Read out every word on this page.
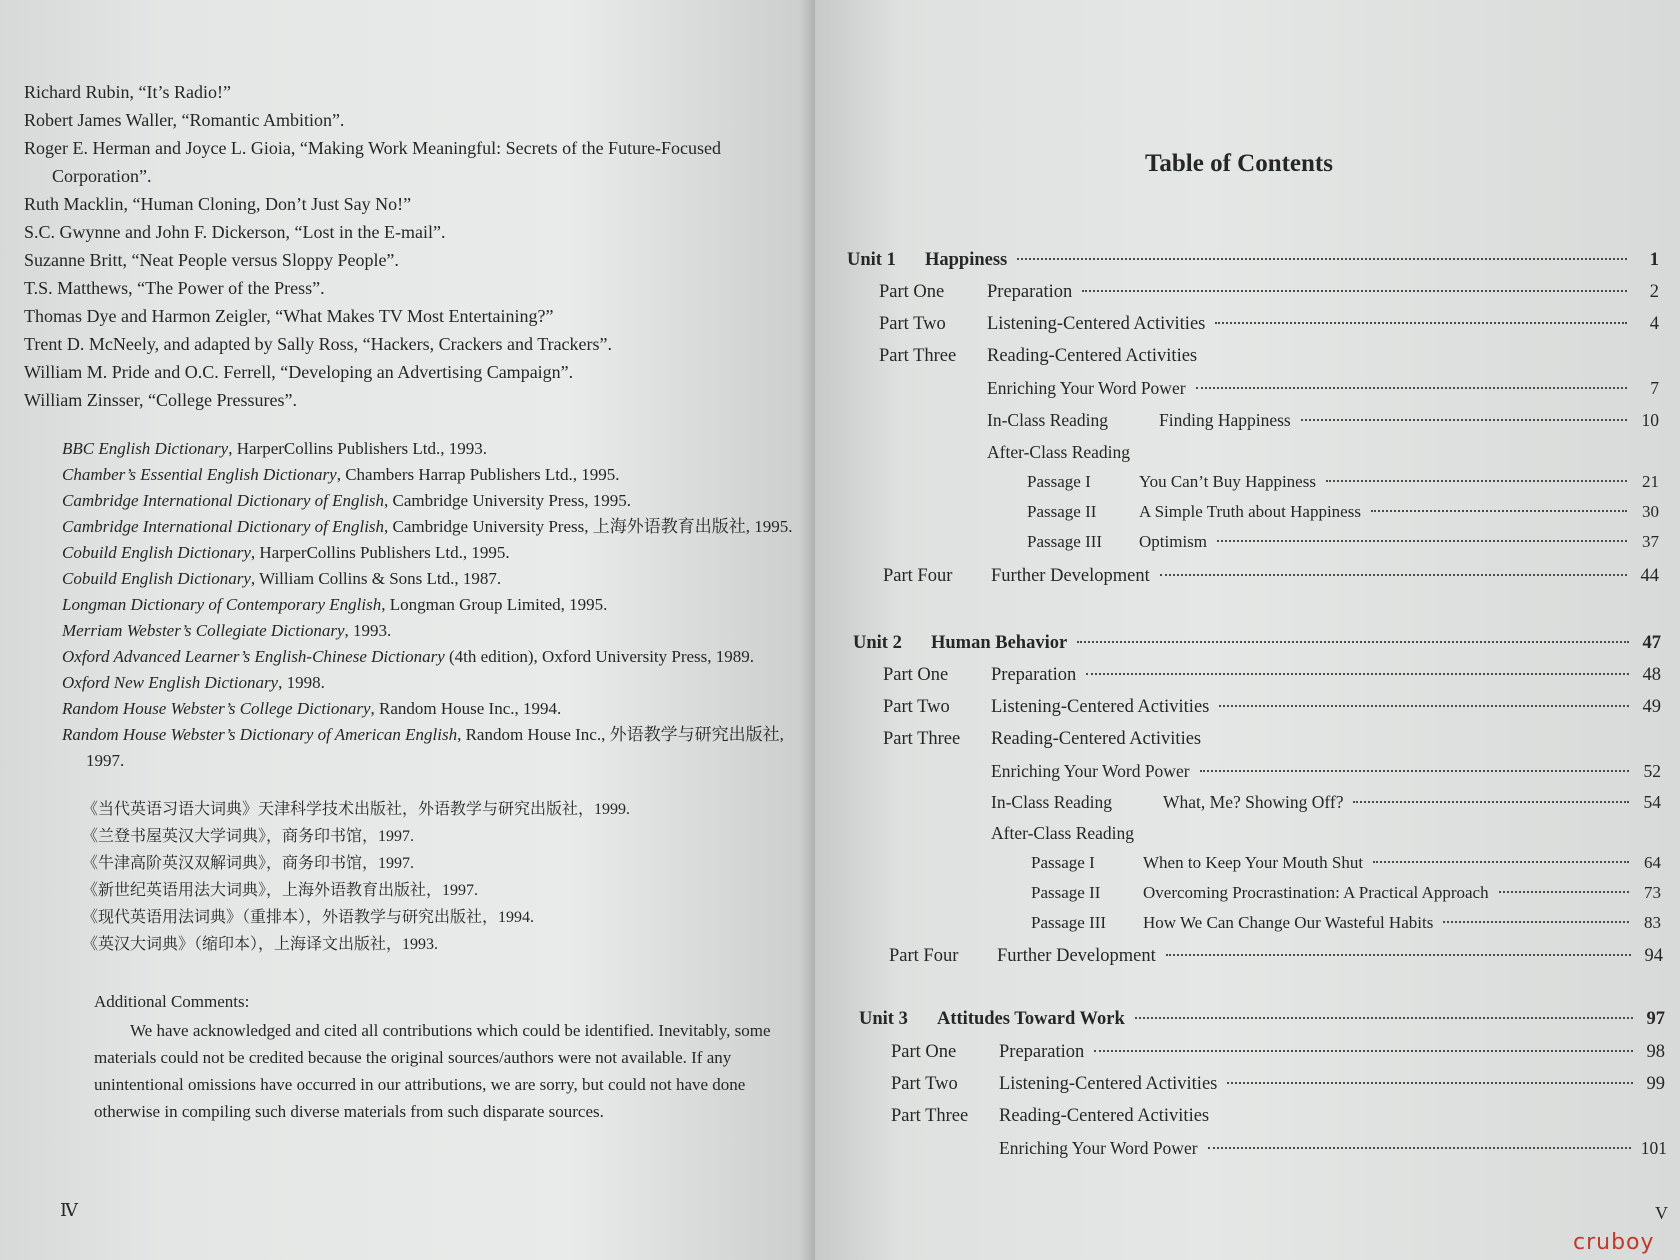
Richard Rubin, “It’s Radio!”
Robert James Waller, “Romantic Ambition”.
Roger E. Herman and Joyce L. Gioia, “Making Work Meaningful: Secrets of the Future-Focused Corporation”.
Ruth Macklin, “Human Cloning, Don’t Just Say No!”
S.C. Gwynne and John F. Dickerson, “Lost in the E-mail”.
Suzanne Britt, “Neat People versus Sloppy People”.
T.S. Matthews, “The Power of the Press”.
Thomas Dye and Harmon Zeigler, “What Makes TV Most Entertaining?”
Trent D. McNeely, and adapted by Sally Ross, “Hackers, Crackers and Trackers”.
William M. Pride and O.C. Ferrell, “Developing an Advertising Campaign”.
William Zinsser, “College Pressures”.
BBC English Dictionary, HarperCollins Publishers Ltd., 1993.
Chamber’s Essential English Dictionary, Chambers Harrap Publishers Ltd., 1995.
Cambridge International Dictionary of English, Cambridge University Press, 1995.
Cambridge International Dictionary of English, Cambridge University Press, 上海外语教育出版社, 1995.
Cobuild English Dictionary, HarperCollins Publishers Ltd., 1995.
Cobuild English Dictionary, William Collins & Sons Ltd., 1987.
Longman Dictionary of Contemporary English, Longman Group Limited, 1995.
Merriam Webster’s Collegiate Dictionary, 1993.
Oxford Advanced Learner’s English-Chinese Dictionary (4th edition), Oxford University Press, 1989.
Oxford New English Dictionary, 1998.
Random House Webster’s College Dictionary, Random House Inc., 1994.
Random House Webster’s Dictionary of American English, Random House Inc., 外语教学与研究出版社, 1997.
《当代英语习语大词典》天津科学技术出版社，外语教学与研究出版社，1999.
《兰登书屋英汉大学词典》，商务印书馆，1997.
《牛津高阶英汉双解词典》，商务印书馆，1997.
《新世纪英语用法大词典》，上海外语教育出版社，1997.
《现代英语用法词典》（重排本），外语教学与研究出版社，1994.
《英汉大词典》（缩印本），上海译文出版社，1993.
Additional Comments:

We have acknowledged and cited all contributions which could be identified. Inevitably, some materials could not be credited because the original sources/authors were not available. If any unintentional omissions have occurred in our attributions, we are sorry, but could not have done otherwise in compiling such diverse materials from such disparate sources.

Ⅳ
Table of Contents
Unit 1	Happiness	1
Part One	Preparation	2
Part Two	Listening-Centered Activities	4
Part Three	Reading-Centered Activities
Enriching Your Word Power	7
In-Class Reading	Finding Happiness	10
After-Class Reading
Passage I	You Can’t Buy Happiness	21
Passage II	A Simple Truth about Happiness	30
Passage III	Optimism	37
Part Four	Further Development	44
Unit 2	Human Behavior	47
Part One	Preparation	48
Part Two	Listening-Centered Activities	49
Part Three	Reading-Centered Activities
Enriching Your Word Power	52
In-Class Reading	What, Me? Showing Off?	54
After-Class Reading
Passage I	When to Keep Your Mouth Shut	64
Passage II	Overcoming Procrastination: A Practical Approach	73
Passage III	How We Can Change Our Wasteful Habits	83
Part Four	Further Development	94
Unit 3	Attitudes Toward Work	97
Part One	Preparation	98
Part Two	Listening-Centered Activities	99
Part Three	Reading-Centered Activities
Enriching Your Word Power	101
V
cruboy
